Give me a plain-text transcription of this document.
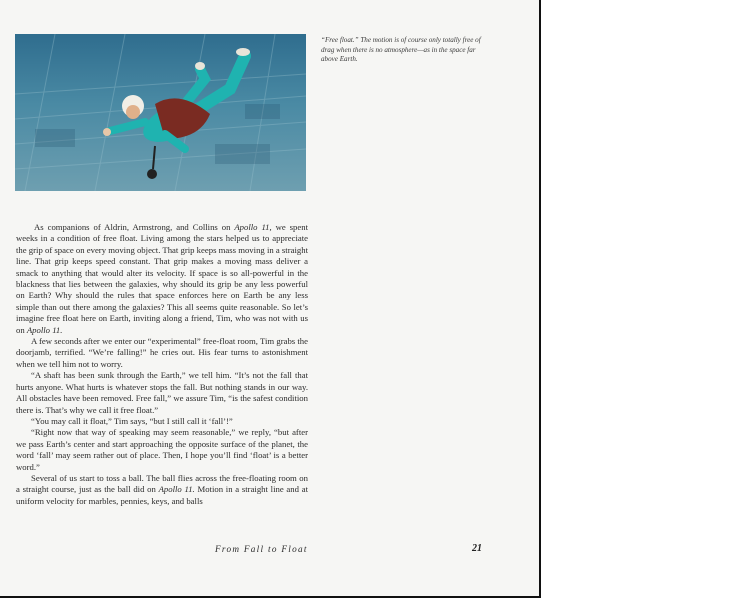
“Free float.” The motion is of course only totally free of drag when there is no atmosphere—as in the space far above Earth.

As companions of Aldrin, Armstrong, and Collins on Apollo 11, we spent weeks in a condition of free float. Living among the stars helped us to appreciate the grip of space on every moving object. That grip keeps mass moving in a straight line. That grip keeps speed constant. That grip makes a moving mass deliver a smack to anything that would alter its velocity. If space is so all-powerful in the blackness that lies between the galaxies, why should its grip be any less powerful on Earth? Why should the rules that space enforces here on Earth be any less simple than out there among the galaxies? This all seems quite reasonable. So let’s imagine free float here on Earth, inviting along a friend, Tim, who was not with us on Apollo 11.

A few seconds after we enter our “experimental” free-float room, Tim grabs the doorjamb, terrified. “We’re falling!” he cries out. His fear turns to astonishment when we tell him not to worry.

“A shaft has been sunk through the Earth,” we tell him. “It’s not the fall that hurts anyone. What hurts is whatever stops the fall. But nothing stands in our way. All obstacles have been removed. Free fall,” we assure Tim, “is the safest condition there is. That’s why we call it free float.”

“You may call it float,” Tim says, “but I still call it ‘fall’!”

“Right now that way of speaking may seem reasonable,” we reply, “but after we pass Earth’s center and start approaching the opposite surface of the planet, the word ‘fall’ may seem rather out of place. Then, I hope you’ll find ‘float’ is a better word.”

Several of us start to toss a ball. The ball flies across the free-floating room on a straight course, just as the ball did on Apollo 11. Motion in a straight line and at uniform velocity for marbles, pennies, keys, and balls

From Fall to Float	21
